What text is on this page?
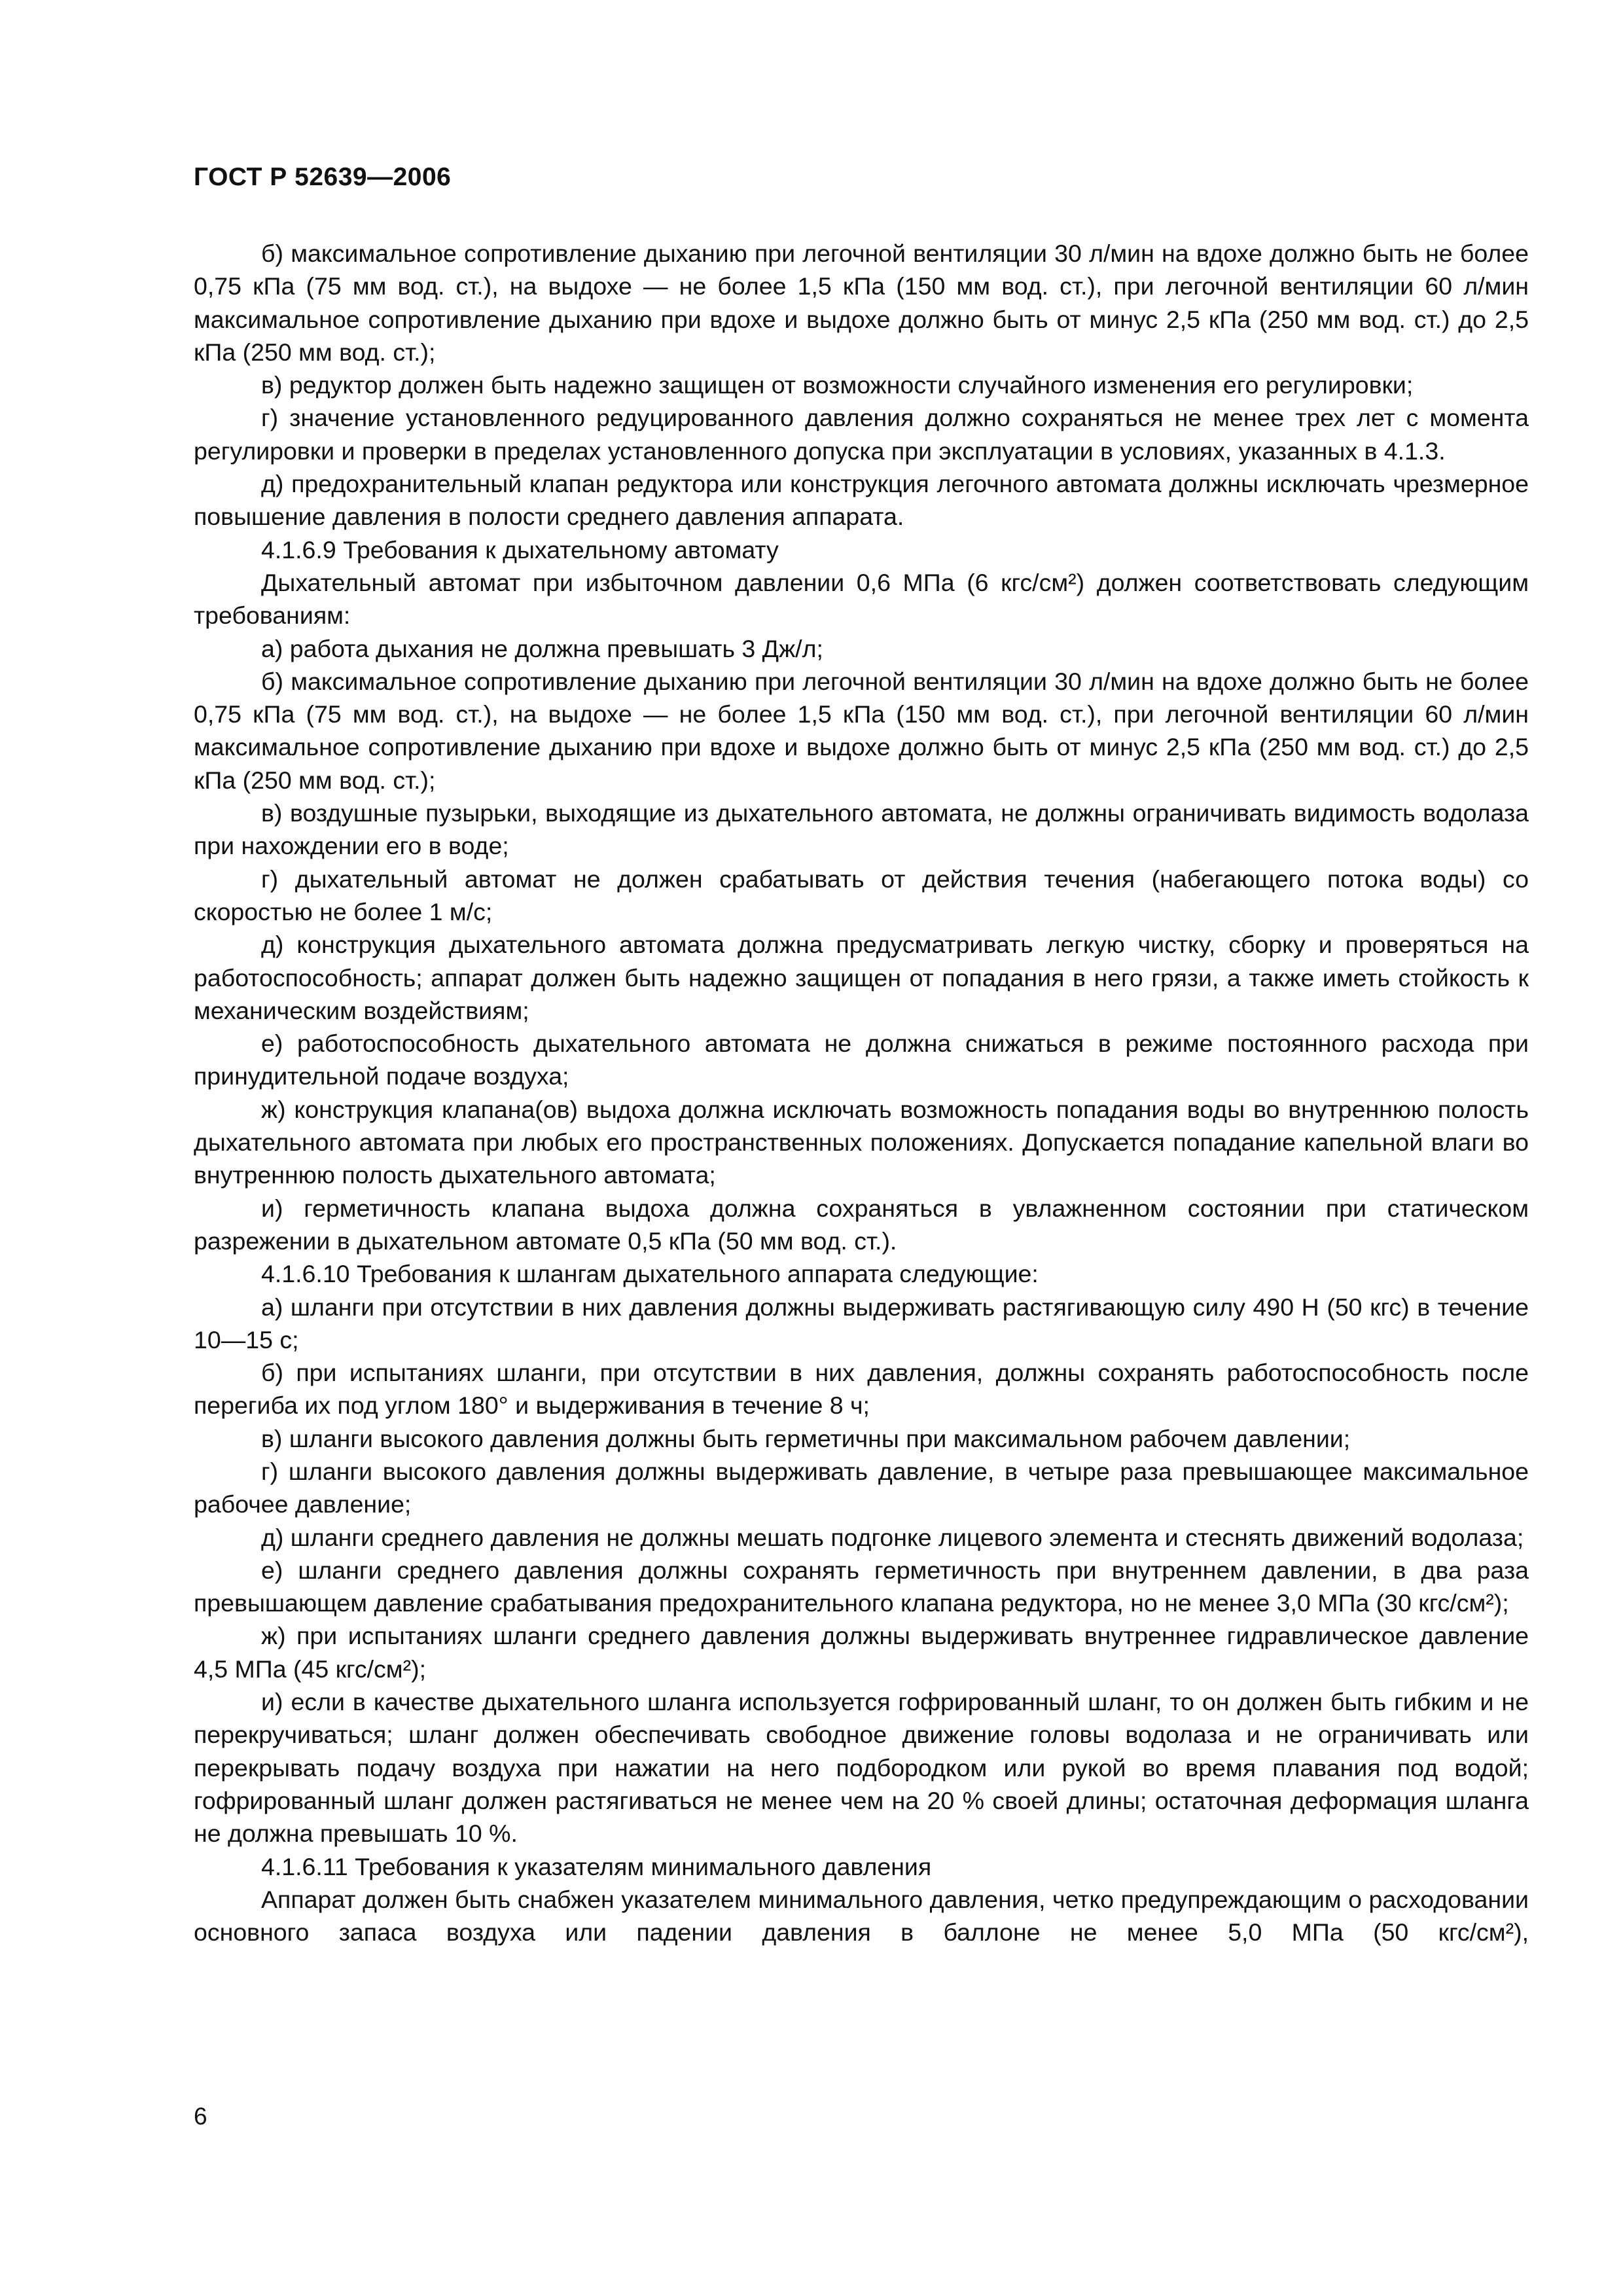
ГОСТ Р 52639—2006

б) максимальное сопротивление дыханию при легочной вентиляции 30 л/мин на вдохе должно быть не более 0,75 кПа (75 мм вод. ст.), на выдохе — не более 1,5 кПа (150 мм вод. ст.), при легочной вентиляции 60 л/мин максимальное сопротивление дыханию при вдохе и выдохе должно быть от минус 2,5 кПа (250 мм вод. ст.) до 2,5 кПа (250 мм вод. ст.);

в) редуктор должен быть надежно защищен от возможности случайного изменения его регулировки;

г) значение установленного редуцированного давления должно сохраняться не менее трех лет с момента регулировки и проверки в пределах установленного допуска при эксплуатации в условиях, указанных в 4.1.3.

д) предохранительный клапан редуктора или конструкция легочного автомата должны исключать чрезмерное повышение давления в полости среднего давления аппарата.

4.1.6.9 Требования к дыхательному автомату

Дыхательный автомат при избыточном давлении 0,6 МПа (6 кгс/см²) должен соответствовать следующим требованиям:

а) работа дыхания не должна превышать 3 Дж/л;

б) максимальное сопротивление дыханию при легочной вентиляции 30 л/мин на вдохе должно быть не более 0,75 кПа (75 мм вод. ст.), на выдохе — не более 1,5 кПа (150 мм вод. ст.), при легочной вентиляции 60 л/мин максимальное сопротивление дыханию при вдохе и выдохе должно быть от минус 2,5 кПа (250 мм вод. ст.) до 2,5 кПа (250 мм вод. ст.);

в) воздушные пузырьки, выходящие из дыхательного автомата, не должны ограничивать видимость водолаза при нахождении его в воде;

г) дыхательный автомат не должен срабатывать от действия течения (набегающего потока воды) со скоростью не более 1 м/с;

д) конструкция дыхательного автомата должна предусматривать легкую чистку, сборку и проверяться на работоспособность; аппарат должен быть надежно защищен от попадания в него грязи, а также иметь стойкость к механическим воздействиям;

е) работоспособность дыхательного автомата не должна снижаться в режиме постоянного расхода при принудительной подаче воздуха;

ж) конструкция клапана(ов) выдоха должна исключать возможность попадания воды во внутреннюю полость дыхательного автомата при любых его пространственных положениях. Допускается попадание капельной влаги во внутреннюю полость дыхательного автомата;

и) герметичность клапана выдоха должна сохраняться в увлажненном состоянии при статическом разрежении в дыхательном автомате 0,5 кПа (50 мм вод. ст.).

4.1.6.10 Требования к шлангам дыхательного аппарата следующие:

а) шланги при отсутствии в них давления должны выдерживать растягивающую силу 490 Н (50 кгс) в течение 10—15 с;

б) при испытаниях шланги, при отсутствии в них давления, должны сохранять работоспособность после перегиба их под углом 180° и выдерживания в течение 8 ч;

в) шланги высокого давления должны быть герметичны при максимальном рабочем давлении;

г) шланги высокого давления должны выдерживать давление, в четыре раза превышающее максимальное рабочее давление;

д) шланги среднего давления не должны мешать подгонке лицевого элемента и стеснять движений водолаза;

е) шланги среднего давления должны сохранять герметичность при внутреннем давлении, в два раза превышающем давление срабатывания предохранительного клапана редуктора, но не менее 3,0 МПа (30 кгс/см²);

ж) при испытаниях шланги среднего давления должны выдерживать внутреннее гидравлическое давление 4,5 МПа (45 кгс/см²);

и) если в качестве дыхательного шланга используется гофрированный шланг, то он должен быть гибким и не перекручиваться; шланг должен обеспечивать свободное движение головы водолаза и не ограничивать или перекрывать подачу воздуха при нажатии на него подбородком или рукой во время плавания под водой; гофрированный шланг должен растягиваться не менее чем на 20 % своей длины; остаточная деформация шланга не должна превышать 10 %.

4.1.6.11 Требования к указателям минимального давления

Аппарат должен быть снабжен указателем минимального давления, четко предупреждающим о расходовании основного запаса воздуха или падении давления в баллоне не менее 5,0 МПа (50 кгс/см²),

6
